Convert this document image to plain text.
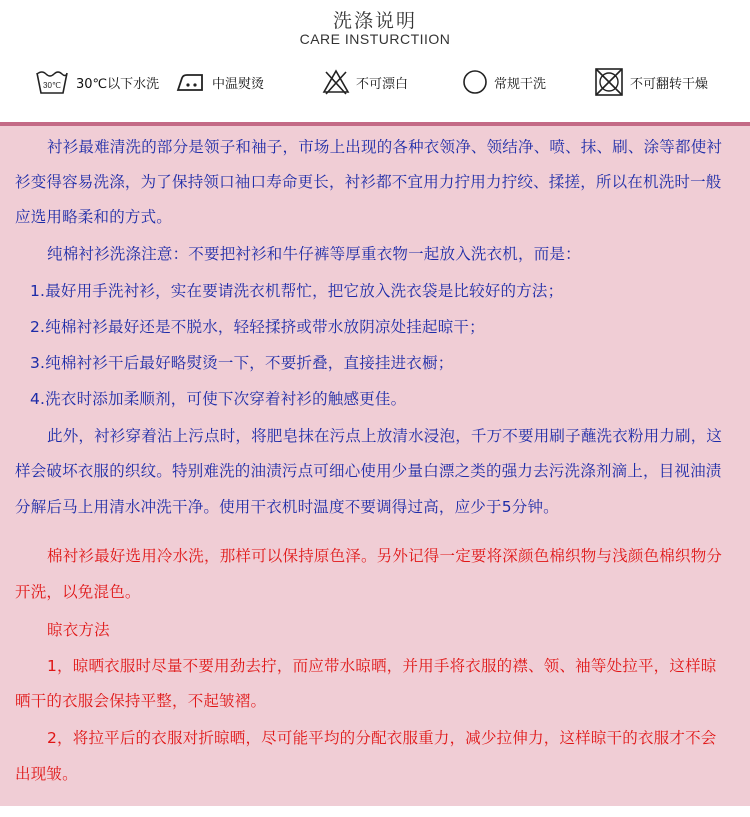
洗涤说明
CARE INSTURCTIION
30℃ 30℃以下水洗	中温熨烫	不可漂白	常规干洗	不可翻转干燥
衬衫最难清洗的部分是领子和袖子，市场上出现的各种衣领净、领结净、喷、抹、刷、涂等都使衬
衫变得容易洗涤，为了保持领口袖口寿命更长，衬衫都不宜用力拧用力拧绞、揉搓，所以在机洗时一般
应选用略柔和的方式。
纯棉衬衫洗涤注意：不要把衬衫和牛仔裤等厚重衣物一起放入洗衣机，而是：
1.最好用手洗衬衫，实在要请洗衣机帮忙，把它放入洗衣袋是比较好的方法；
2.纯棉衬衫最好还是不脱水，轻轻揉挤或带水放阴凉处挂起晾干；
3.纯棉衬衫干后最好略熨烫一下，不要折叠，直接挂进衣橱；
4.洗衣时添加柔顺剂，可使下次穿着衬衫的触感更佳。
此外，衬衫穿着沾上污点时，将肥皂抹在污点上放清水浸泡，千万不要用刷子蘸洗衣粉用力刷，这
样会破坏衣服的织纹。特别难洗的油渍污点可细心使用少量白漂之类的强力去污洗涤剂滴上，目视油渍
分解后马上用清水冲洗干净。使用干衣机时温度不要调得过高，应少于5分钟。
棉衬衫最好选用冷水洗，那样可以保持原色泽。另外记得一定要将深颜色棉织物与浅颜色棉织物分
开洗，以免混色。
晾衣方法
1，晾晒衣服时尽量不要用劲去拧，而应带水晾晒，并用手将衣服的襟、领、袖等处拉平，这样晾
晒干的衣服会保持平整，不起皱褶。
2，将拉平后的衣服对折晾晒，尽可能平均的分配衣服重力，减少拉伸力，这样晾干的衣服才不会
出现皱。
